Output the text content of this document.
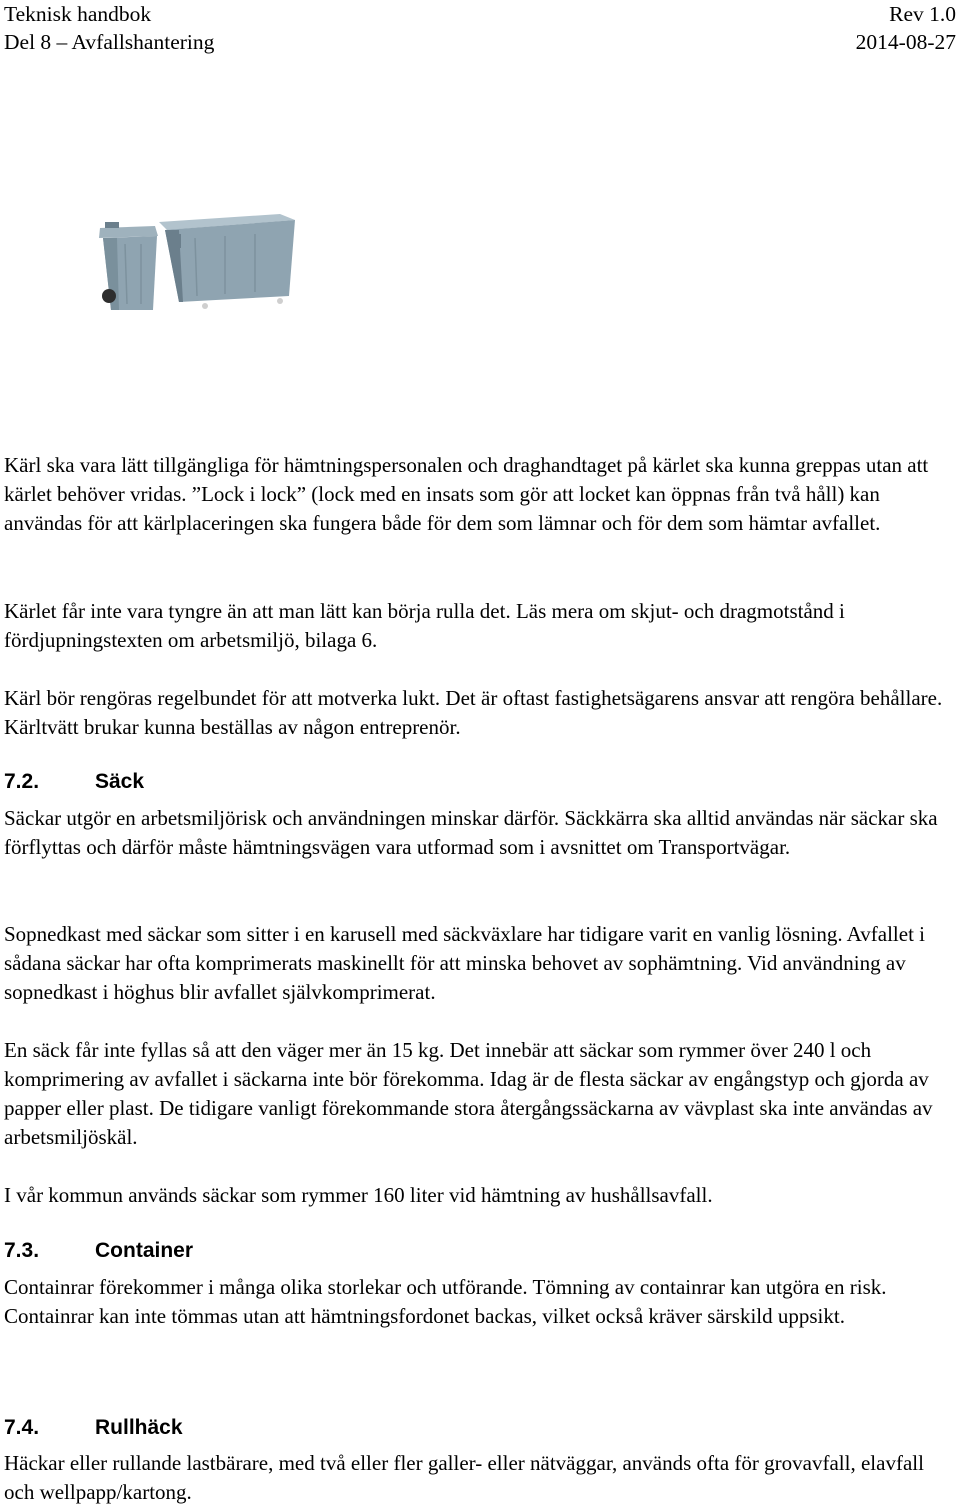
Teknisk handbok	Rev 1.0
Del 8 – Avfallshantering	2014-08-27

Kärl ska vara lätt tillgängliga för hämtningspersonalen och draghandtaget på kärlet ska kunna greppas utan att kärlet behöver vridas. ”Lock i lock” (lock med en insats som gör att locket kan öppnas från två håll) kan användas för att kärlplaceringen ska fungera både för dem som lämnar och för dem som hämtar avfallet.

Kärlet får inte vara tyngre än att man lätt kan börja rulla det. Läs mera om skjut- och dragmotstånd i fördjupningstexten om arbetsmiljö, bilaga 6.

Kärl bör rengöras regelbundet för att motverka lukt. Det är oftast fastighetsägarens ansvar att rengöra behållare. Kärltvätt brukar kunna beställas av någon entreprenör.

7.2.	Säck

Säckar utgör en arbetsmiljörisk och användningen minskar därför. Säckkärra ska alltid användas när säckar ska förflyttas och därför måste hämtningsvägen vara utformad som i avsnittet om Transportvägar.

Sopnedkast med säckar som sitter i en karusell med säckväxlare har tidigare varit en vanlig lösning. Avfallet i sådana säckar har ofta komprimerats maskinellt för att minska behovet av sophämtning. Vid användning av sopnedkast i höghus blir avfallet självkomprimerat.

En säck får inte fyllas så att den väger mer än 15 kg. Det innebär att säckar som rymmer över 240 l och komprimering av avfallet i säckarna inte bör förekomma. Idag är de flesta säckar av engångstyp och gjorda av papper eller plast. De tidigare vanligt förekommande stora återgångssäckarna av vävplast ska inte användas av arbetsmiljöskäl.

I vår kommun används säckar som rymmer 160 liter vid hämtning av hushållsavfall.

7.3.	Container

Containrar förekommer i många olika storlekar och utförande. Tömning av containrar kan utgöra en risk. Containrar kan inte tömmas utan att hämtningsfordonet backas, vilket också kräver särskild uppsikt.

7.4.	Rullhäck

Häckar eller rullande lastbärare, med två eller fler galler- eller nätväggar, används ofta för grovavfall, elavfall och wellpapp/kartong.
